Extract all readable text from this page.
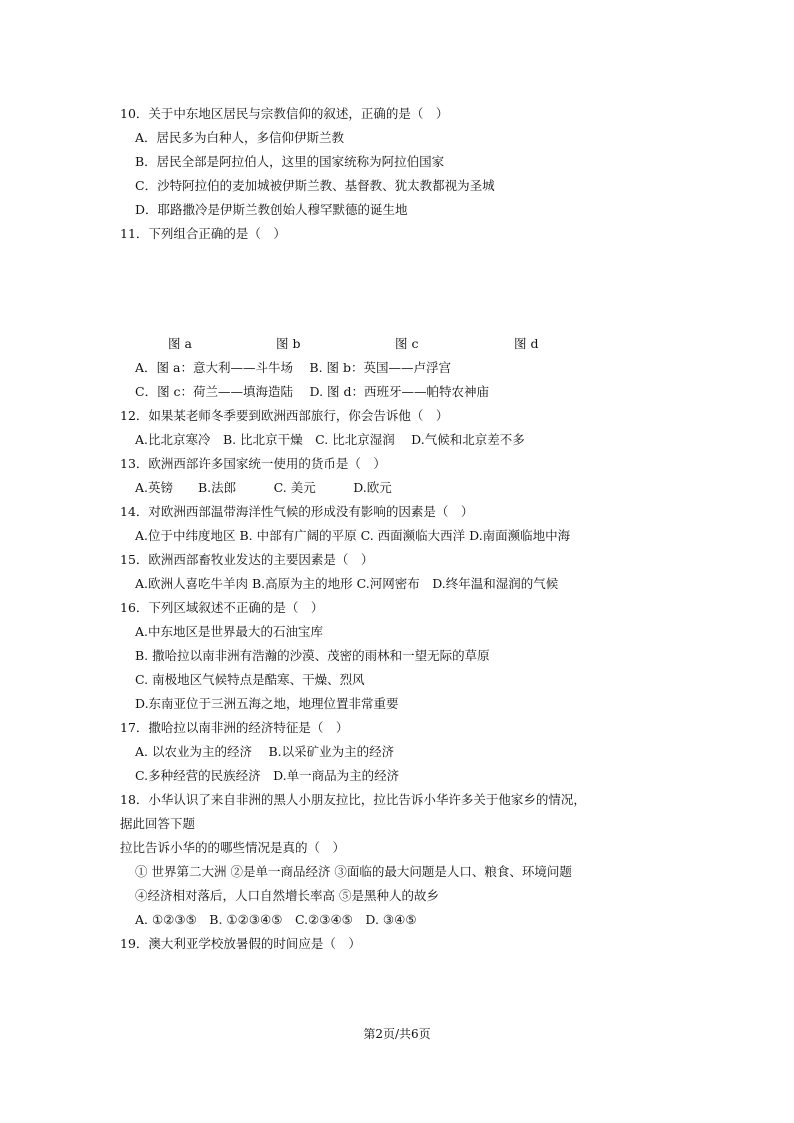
10．关于中东地区居民与宗教信仰的叙述，正确的是（　）
A．居民多为白种人，多信仰伊斯兰教
B．居民全部是阿拉伯人，这里的国家统称为阿拉伯国家
C．沙特阿拉伯的麦加城被伊斯兰教、基督教、犹太教都视为圣城
D．耶路撒冷是伊斯兰教创始人穆罕默德的诞生地
11．下列组合正确的是（　）
图 a	图 b	图 c	图 d
A．图 a：意大利——斗牛场　 B. 图 b：英国——卢浮宫
C．图 c：荷兰——填海造陆　 D. 图 d：西班牙——帕特农神庙
12．如果某老师冬季要到欧洲西部旅行，你会告诉他（　）
A.比北京寒冷　B. 比北京干燥　C. 比北京湿润　 D.气候和北京差不多
13．欧洲西部许多国家统一使用的货币是（　）
A.英镑　　B.法郎　　　C. 美元　　　D.欧元
14．对欧洲西部温带海洋性气候的形成没有影响的因素是（　）
A.位于中纬度地区 B. 中部有广阔的平原 C. 西面濒临大西洋 D.南面濒临地中海
15．欧洲西部畜牧业发达的主要因素是（　）
A.欧洲人喜吃牛羊肉 B.高原为主的地形 C.河网密布　D.终年温和湿润的气候
16．下列区域叙述不正确的是（　）
A.中东地区是世界最大的石油宝库
B. 撒哈拉以南非洲有浩瀚的沙漠、茂密的雨林和一望无际的草原
C. 南极地区气候特点是酷寒、干燥、烈风
D.东南亚位于三洲五海之地，地理位置非常重要
17．撒哈拉以南非洲的经济特征是（　）
A. 以农业为主的经济　 B.以采矿业为主的经济
C.多种经营的民族经济　D.单一商品为主的经济
18．小华认识了来自非洲的黑人小朋友拉比，拉比告诉小华许多关于他家乡的情况，
据此回答下题
拉比告诉小华的的哪些情况是真的（　）
① 世界第二大洲 ②是单一商品经济 ③面临的最大问题是人口、粮食、环境问题
④经济相对落后，人口自然增长率高 ⑤是黑种人的故乡
A. ①②③⑤　B. ①②③④⑤　C.②③④⑤　D. ③④⑤
19．澳大利亚学校放暑假的时间应是（　）
第2页/共6页
